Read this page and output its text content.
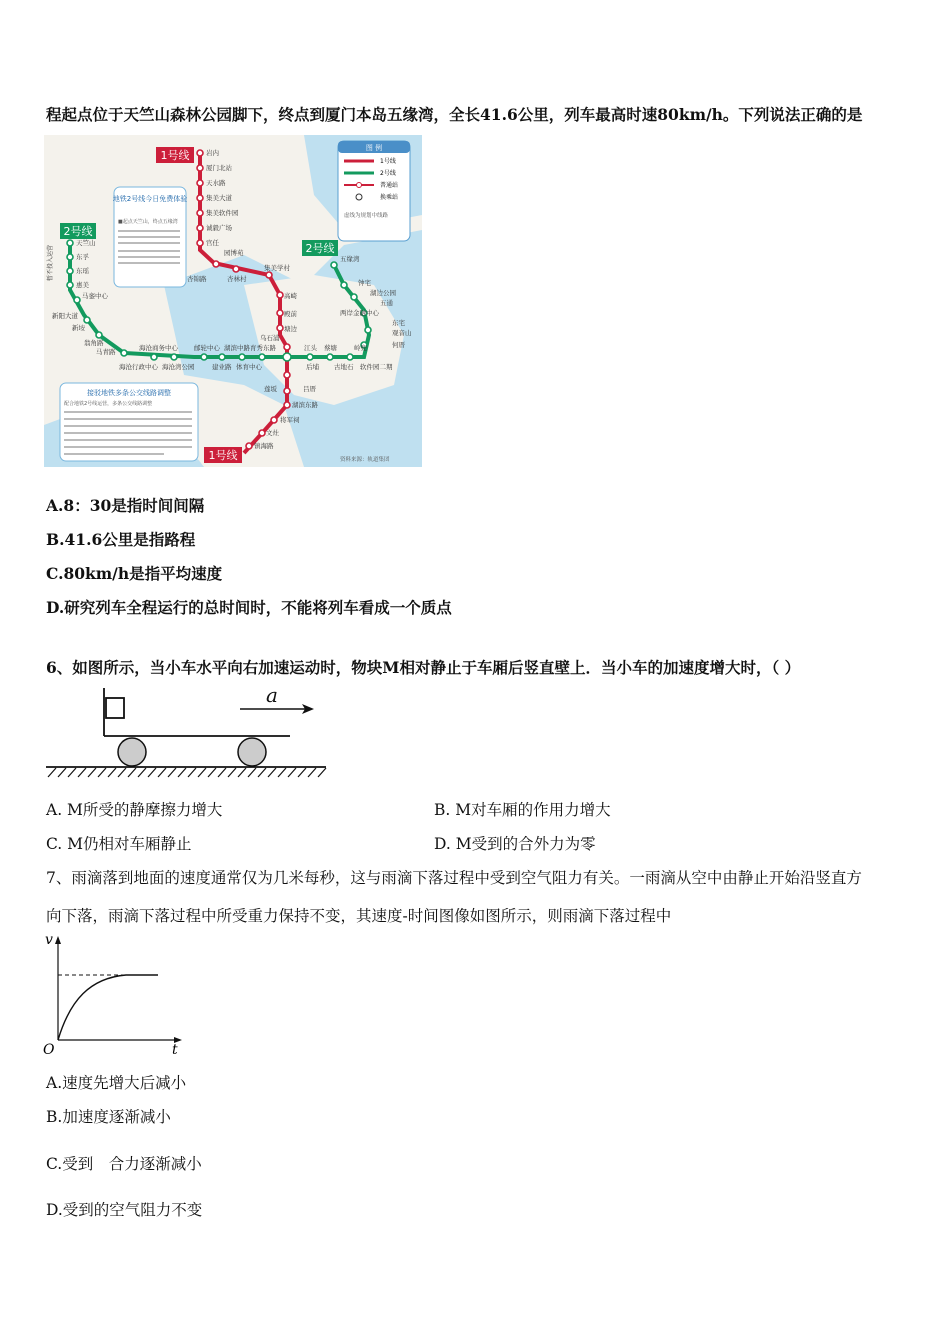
程起点位于天竺山森林公园脚下，终点到厦门本岛五缘湾，全长41.6公里，列车最高时速80km/h。下列说法正确的是
1号线
1号线
2号线
2号线
岩内
厦门北站
天水路
集美大道
集美软件园
诚毅广场
官任
园博苑
杏林村
杏锦路
集美学村
高崎
殿前
塘边
乌石浦
湖滨东路
莲坂
将军祠
文灶
镇海路
天竺山
东孚
东瑶
惠美
马銮中心
新阳大道
新垵
翁角路
马青路	海沧商务中心
海沧湾公园
海沧行政中心
邮轮中心
建业路
湖滨中路
体育中心
育秀东路	江头
后埔
蔡塘
古地石
岭兜
软件园二期
何厝
观音山
五缘湾
钟宅
湖边公园
五通
两岸金融中心
东宅
吕厝
暂不投入运营
图 例
1号线
2号线
普通站
换乘站
虚线为规划中线路
地铁2号线今日免费体验
■起点天竺山，终点五缘湾
接驳地铁多条公交线路调整
配合地铁2号线运营，多条公交线路调整
资料来源：轨道集团
A.8：30是指时间间隔
B.41.6公里是指路程
C.80km/h是指平均速度
D.研究列车全程运行的总时间时，不能将列车看成一个质点
6、如图所示，当小车水平向右加速运动时，物块M相对静止于车厢后竖直壁上．当小车的加速度增大时，（ ）
a
A. M所受的静摩擦力增大	B. M对车厢的作用力增大
C. M仍相对车厢静止	D. M受到的合外力为零
7、雨滴落到地面的速度通常仅为几米每秒，这与雨滴下落过程中受到空气阻力有关。一雨滴从空中由静止开始沿竖直方
向下落，雨滴下落过程中所受重力保持不变，其速度-时间图像如图所示，则雨滴下落过程中
v
t
O
A.速度先增大后减小
B.加速度逐渐减小
C.受到　合力逐渐减小
D.受到的空气阻力不变
